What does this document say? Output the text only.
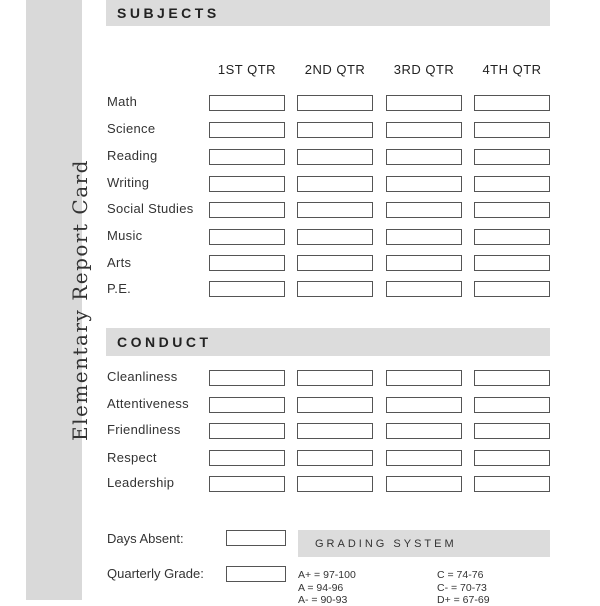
Elementary Report Card
SUBJECTS
1ST QTR	2ND QTR	3RD QTR	4TH QTR
Math
Science
Reading
Writing
Social Studies
Music
Arts
P.E.
CONDUCT
Cleanliness
Attentiveness
Friendliness
Respect
Leadership
Days Absent:
Quarterly Grade:
GRADING SYSTEM
A+ = 97-100
A = 94-96
A- = 90-93
C = 74-76
C- = 70-73
D+ = 67-69
